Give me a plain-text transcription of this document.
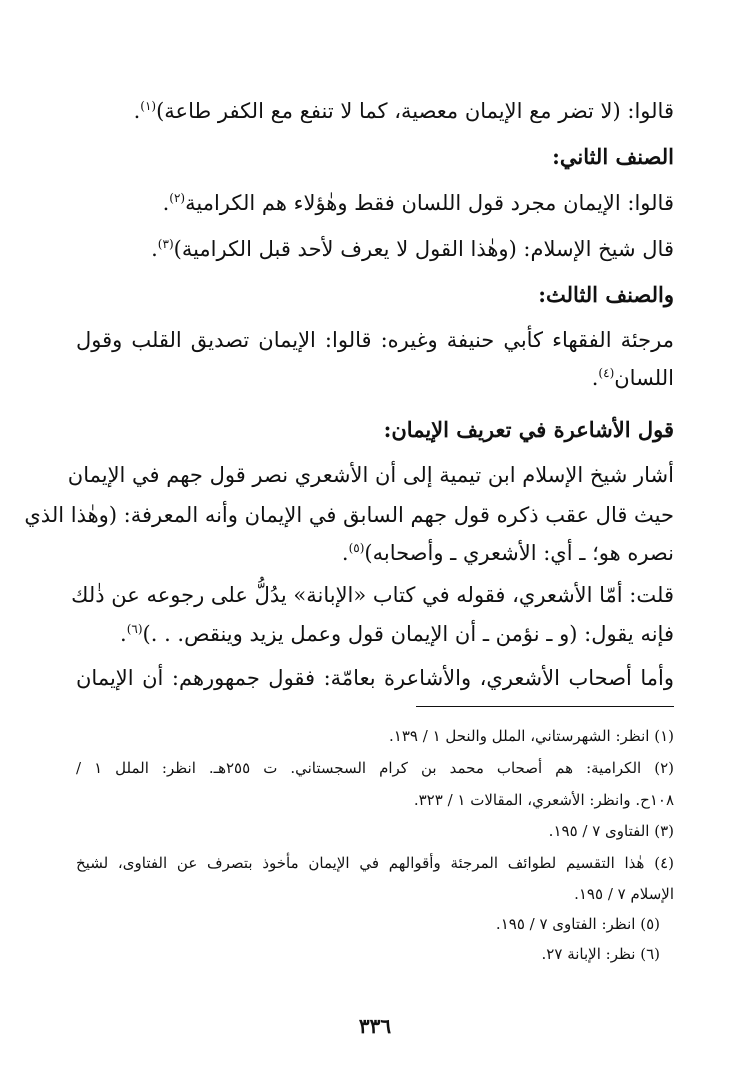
قالوا: (لا تضر مع الإيمان معصية، كما لا تنفع مع الكفر طاعة)$^{(١)}$.
الصنف الثاني:
قالوا: الإيمان مجرد قول اللسان فقط وهٰؤلاء هم الكرامية$^{(٢)}$.
قال شيخ الإسلام: (وهٰذا القول لا يعرف لأحد قبل الكرامية)$^{(٣)}$.
والصنف الثالث:
مرجئة الفقهاء كأبي حنيفة وغيره: قالوا: الإيمان تصديق القلب وقول
اللسان$^{(٤)}$.
قول الأشاعرة في تعريف الإيمان:
أشار شيخ الإسلام ابن تيمية إلى أن الأشعري نصر قول جهم في الإيمان
حيث قال عقب ذكره قول جهم السابق في الإيمان وأنه المعرفة: (وهٰذا الذي
نصره هو؛ ـ أي: الأشعري ـ وأصحابه)$^{(٥)}$.
قلت: أمّا الأشعري، فقوله في كتاب «الإبانة» يدُلُّ على رجوعه عن ذٰلك
فإنه يقول: (و ـ نؤمن ـ أن الإيمان قول وعمل يزيد وينقص. . .)$^{(٦)}$.
وأما أصحاب الأشعري، والأشاعرة بعامّة: فقول جمهورهم: أن الإيمان
(١) انظر: الشهرستاني، الملل والنحل ١ / ١٣٩.
(٢) الكرامية: هم أصحاب محمد بن كرام السجستاني. ت ٢٥٥هـ. انظر: الملل ١ /
١٠٨ح. وانظر: الأشعري، المقالات ١ / ٣٢٣.
(٣) الفتاوى ٧ / ١٩٥.
(٤) هٰذا التقسيم لطوائف المرجئة وأقوالهم في الإيمان مأخوذ بتصرف عن الفتاوى، لشيخ
الإسلام ٧ / ١٩٥.
(٥) انظر: الفتاوى ٧ / ١٩٥.
(٦) نظر: الإبانة ٢٧.
٣٣٦
